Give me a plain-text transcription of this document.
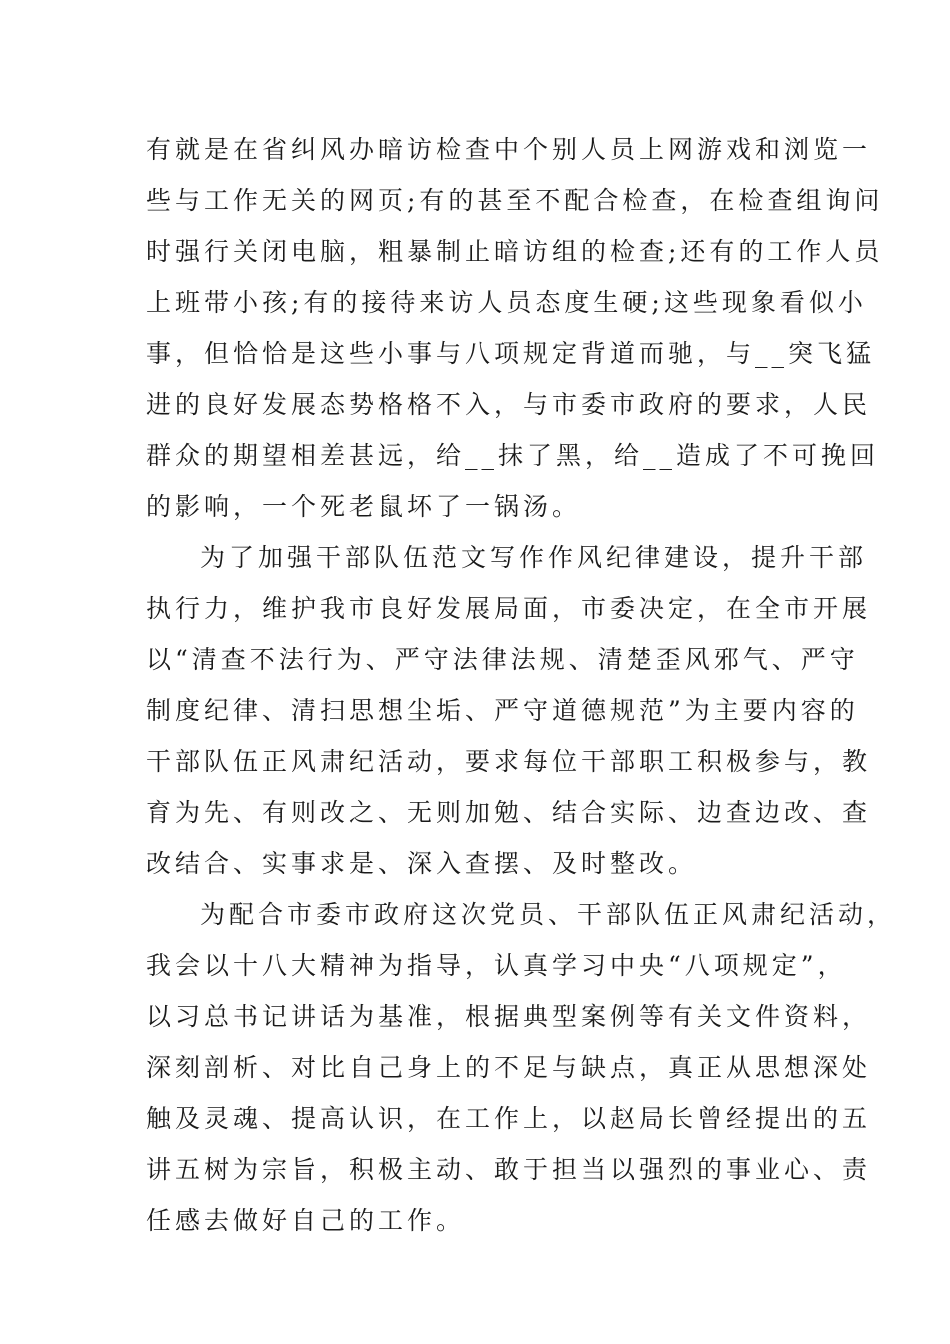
有就是在省纠风办暗访检查中个别人员上网游戏和浏览一
些与工作无关的网页;有的甚至不配合检查，在检查组询问
时强行关闭电脑，粗暴制止暗访组的检查;还有的工作人员
上班带小孩;有的接待来访人员态度生硬;这些现象看似小
事，但恰恰是这些小事与八项规定背道而驰，与__突飞猛
进的良好发展态势格格不入，与市委市政府的要求，人民
群众的期望相差甚远，给__抹了黑，给__造成了不可挽回
的影响，一个死老鼠坏了一锅汤。
为了加强干部队伍范文写作作风纪律建设，提升干部
执行力，维护我市良好发展局面，市委决定，在全市开展
以“清查不法行为、严守法律法规、清楚歪风邪气、严守
制度纪律、清扫思想尘垢、严守道德规范”为主要内容的
干部队伍正风肃纪活动，要求每位干部职工积极参与，教
育为先、有则改之、无则加勉、结合实际、边查边改、查
改结合、实事求是、深入查摆、及时整改。
为配合市委市政府这次党员、干部队伍正风肃纪活动，
我会以十八大精神为指导，认真学习中央“八项规定”，
以习总书记讲话为基准，根据典型案例等有关文件资料，
深刻剖析、对比自己身上的不足与缺点，真正从思想深处
触及灵魂、提高认识，在工作上，以赵局长曾经提出的五
讲五树为宗旨，积极主动、敢于担当以强烈的事业心、责
任感去做好自己的工作。
